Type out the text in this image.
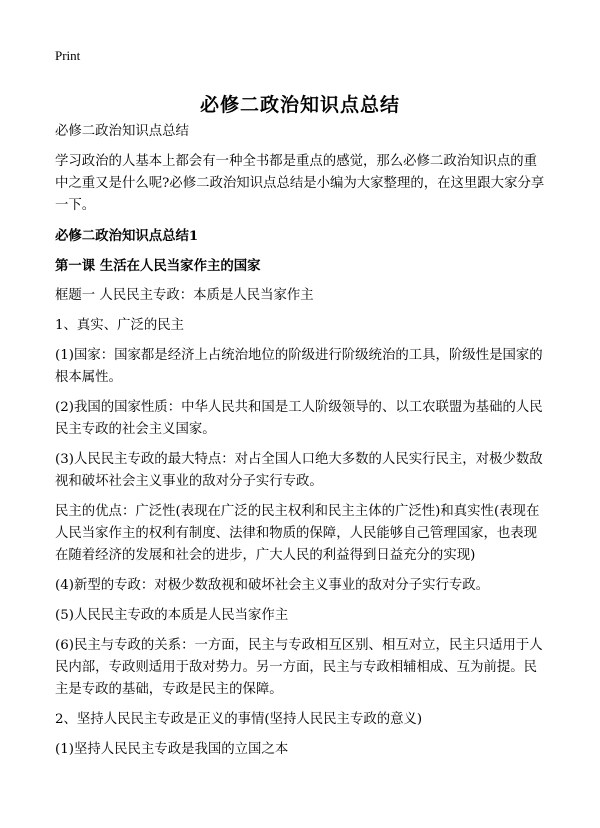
Print
必修二政治知识点总结

必修二政治知识点总结

学习政治的人基本上都会有一种全书都是重点的感觉，那么必修二政治知识点的重中之重又是什么呢?必修二政治知识点总结是小编为大家整理的，在这里跟大家分享一下。

必修二政治知识点总结1

第一课 生活在人民当家作主的国家

框题一 人民民主专政：本质是人民当家作主

1、真实、广泛的民主

(1)国家：国家都是经济上占统治地位的阶级进行阶级统治的工具，阶级性是国家的根本属性。

(2)我国的国家性质：中华人民共和国是工人阶级领导的、以工农联盟为基础的人民民主专政的社会主义国家。

(3)人民民主专政的最大特点：对占全国人口绝大多数的人民实行民主，对极少数敌视和破坏社会主义事业的敌对分子实行专政。

民主的优点：广泛性(表现在广泛的民主权利和民主主体的广泛性)和真实性(表现在人民当家作主的权利有制度、法律和物质的保障，人民能够自己管理国家，也表现在随着经济的发展和社会的进步，广大人民的利益得到日益充分的实现)

(4)新型的专政：对极少数敌视和破坏社会主义事业的敌对分子实行专政。

(5)人民民主专政的本质是人民当家作主

(6)民主与专政的关系：一方面，民主与专政相互区别、相互对立，民主只适用于人民内部，专政则适用于敌对势力。另一方面，民主与专政相辅相成、互为前提。民主是专政的基础，专政是民主的保障。

2、坚持人民民主专政是正义的事情(坚持人民民主专政的意义)

(1)坚持人民民主专政是我国的立国之本
